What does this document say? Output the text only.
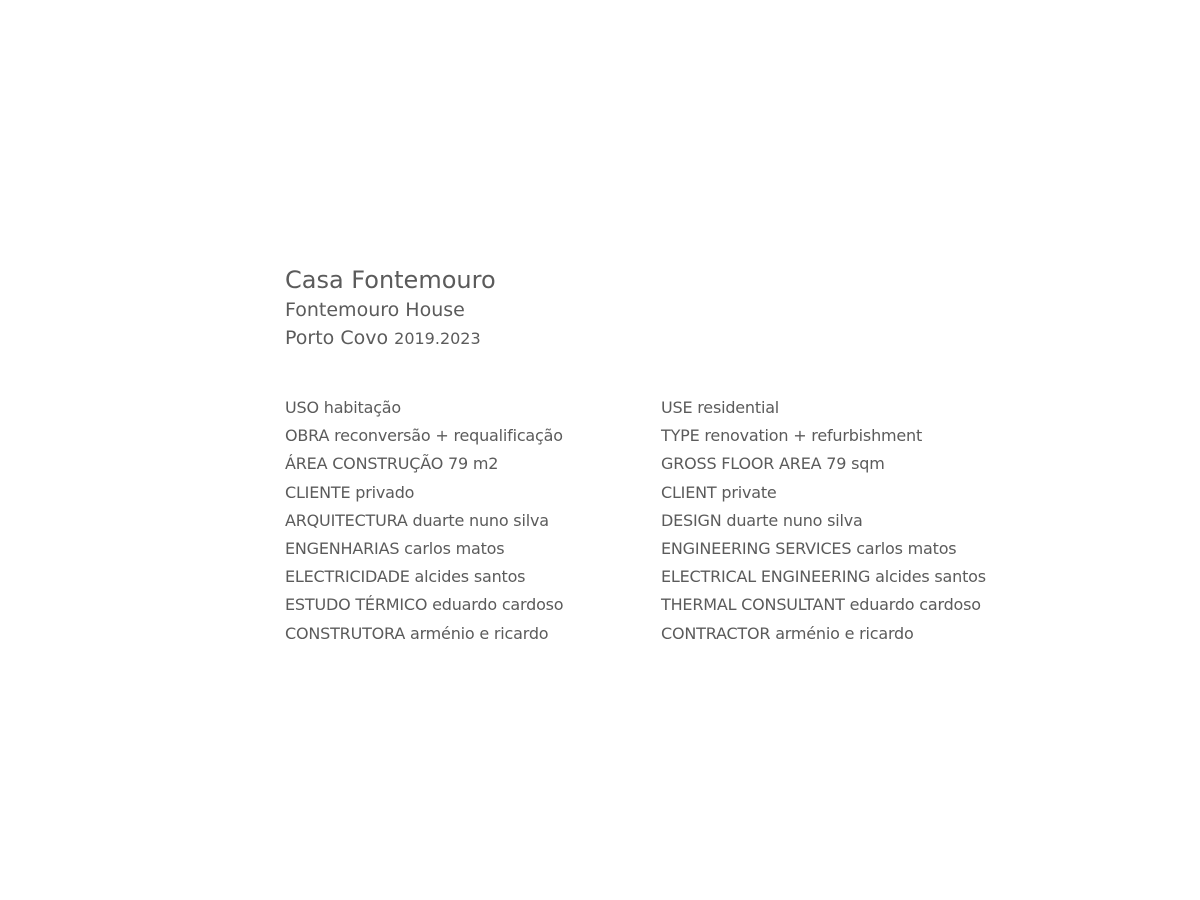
Casa Fontemouro
Fontemouro House
Porto Covo 2019.2023
USO habitação
OBRA reconversão + requalificação
ÁREA CONSTRUÇÃO 79 m2
CLIENTE privado
ARQUITECTURA duarte nuno silva
ENGENHARIAS carlos matos
ELECTRICIDADE alcides santos
ESTUDO TÉRMICO eduardo cardoso
CONSTRUTORA arménio e ricardo
USE residential
TYPE renovation + refurbishment
GROSS FLOOR AREA 79 sqm
CLIENT private
DESIGN duarte nuno silva
ENGINEERING SERVICES carlos matos
ELECTRICAL ENGINEERING alcides santos
THERMAL CONSULTANT eduardo cardoso
CONTRACTOR arménio e ricardo
